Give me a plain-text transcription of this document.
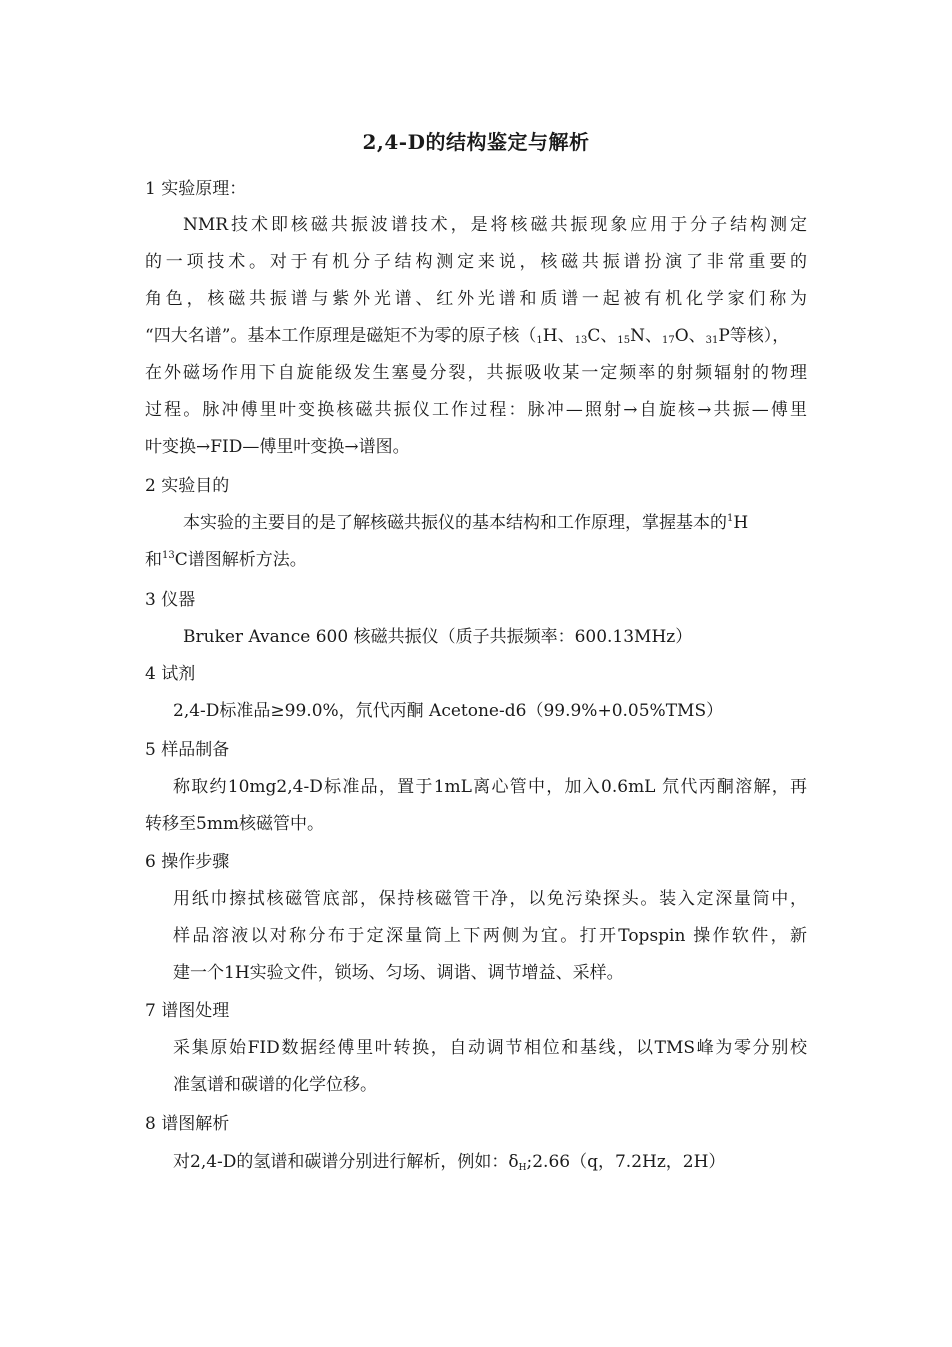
2,4-D的结构鉴定与解析
1 实验原理：
NMR技术即核磁共振波谱技术，是将核磁共振现象应用于分子结构测定
的一项技术。对于有机分子结构测定来说，核磁共振谱扮演了非常重要的
角色，核磁共振谱与紫外光谱、红外光谱和质谱一起被有机化学家们称为
“四大名谱”。基本工作原理是磁矩不为零的原子核（$_1H$、$_{13}$C、$_{15}$N、$_{17}$O、$_{31}$P等核），
在外磁场作用下自旋能级发生塞曼分裂，共振吸收某一定频率的射频辐射的物理
过程。脉冲傅里叶变换核磁共振仪工作过程：脉冲—照射→自旋核→共振—傅里
叶变换→FID—傅里叶变换→谱图。
2 实验目的
本实验的主要目的是了解核磁共振仪的基本结构和工作原理，掌握基本的$^1$H
和$^{13}$C谱图解析方法。
3 仪器
Bruker Avance 600 核磁共振仪（质子共振频率：600.13MHz）
4 试剂
2,4-D标准品≥99.0%，氘代丙酮 Acetone-d6（99.9%+0.05%TMS）
5 样品制备
称取约10mg2,4-D标准品，置于1mL离心管中，加入0.6mL 氘代丙酮溶解，再
转移至5mm核磁管中。
6 操作步骤
用纸巾擦拭核磁管底部，保持核磁管干净，以免污染探头。装入定深量筒中，
样品溶液以对称分布于定深量筒上下两侧为宜。打开Topspin 操作软件，新
建一个1H实验文件，锁场、匀场、调谐、调节增益、采样。
7 谱图处理
采集原始FID数据经傅里叶转换，自动调节相位和基线，以TMS峰为零分别校
准氢谱和碳谱的化学位移。
8 谱图解析
对2,4-D的氢谱和碳谱分别进行解析，例如：$\delta_H;2.66(q$，7.2Hz，2H）
